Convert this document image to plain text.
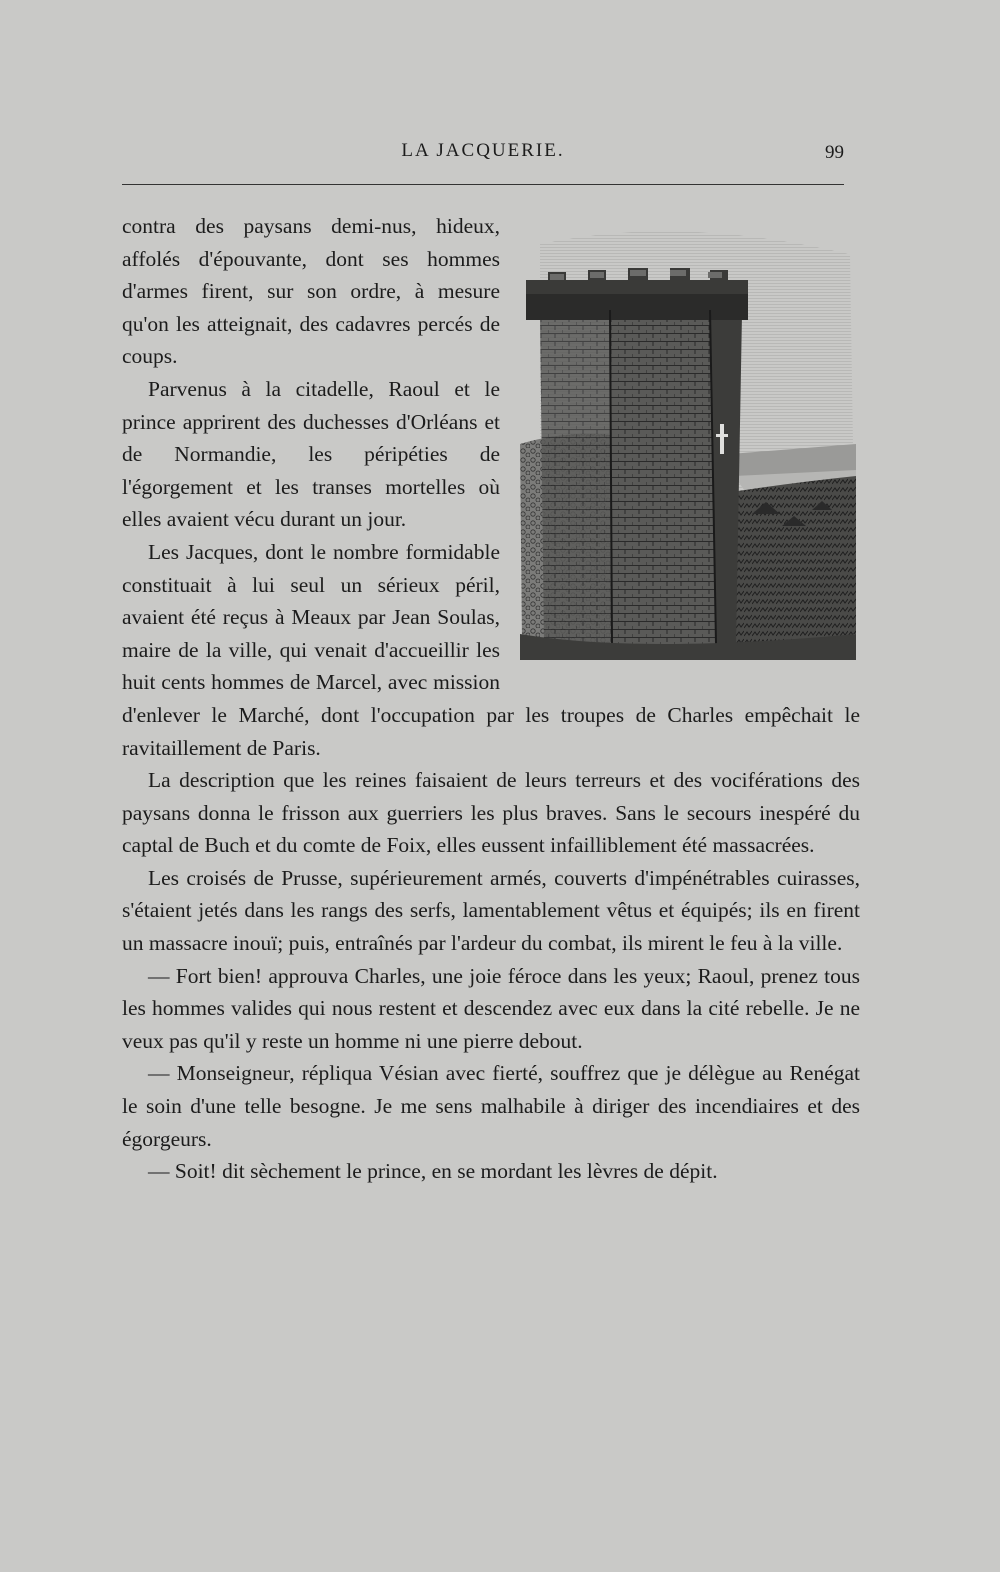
LA JACQUERIE.	99

contra des paysans demi-nus, hideux, affolés d'épouvante, dont ses hommes d'armes firent, sur son ordre, à mesure qu'on les atteignait, des cadavres percés de coups.

Parvenus à la citadelle, Raoul et le prince apprirent des duchesses d'Orléans et de Normandie, les péripéties de l'égorgement et les transes mortelles où elles avaient vécu durant un jour.

Les Jacques, dont le nombre formidable constituait à lui seul un sérieux péril, avaient été reçus à Meaux par Jean Soulas, maire de la ville, qui venait d'accueillir les huit cents hommes de Marcel, avec mission d'enlever le Marché, dont l'occupation par les troupes de Charles empêchait le ravitaillement de Paris.

La description que les reines faisaient de leurs terreurs et des vociférations des paysans donna le frisson aux guerriers les plus braves. Sans le secours inespéré du captal de Buch et du comte de Foix, elles eussent infailliblement été massacrées.

Les croisés de Prusse, supérieurement armés, couverts d'impénétrables cuirasses, s'étaient jetés dans les rangs des serfs, lamentablement vêtus et équipés; ils en firent un massacre inouï; puis, entraînés par l'ardeur du combat, ils mirent le feu à la ville.

— Fort bien! approuva Charles, une joie féroce dans les yeux; Raoul, prenez tous les hommes valides qui nous restent et descendez avec eux dans la cité rebelle. Je ne veux pas qu'il y reste un homme ni une pierre debout.

— Monseigneur, répliqua Vésian avec fierté, souffrez que je délègue au Renégat le soin d'une telle besogne. Je me sens malhabile à diriger des incendiaires et des égorgeurs.

— Soit! dit sèchement le prince, en se mordant les lèvres de dépit.
